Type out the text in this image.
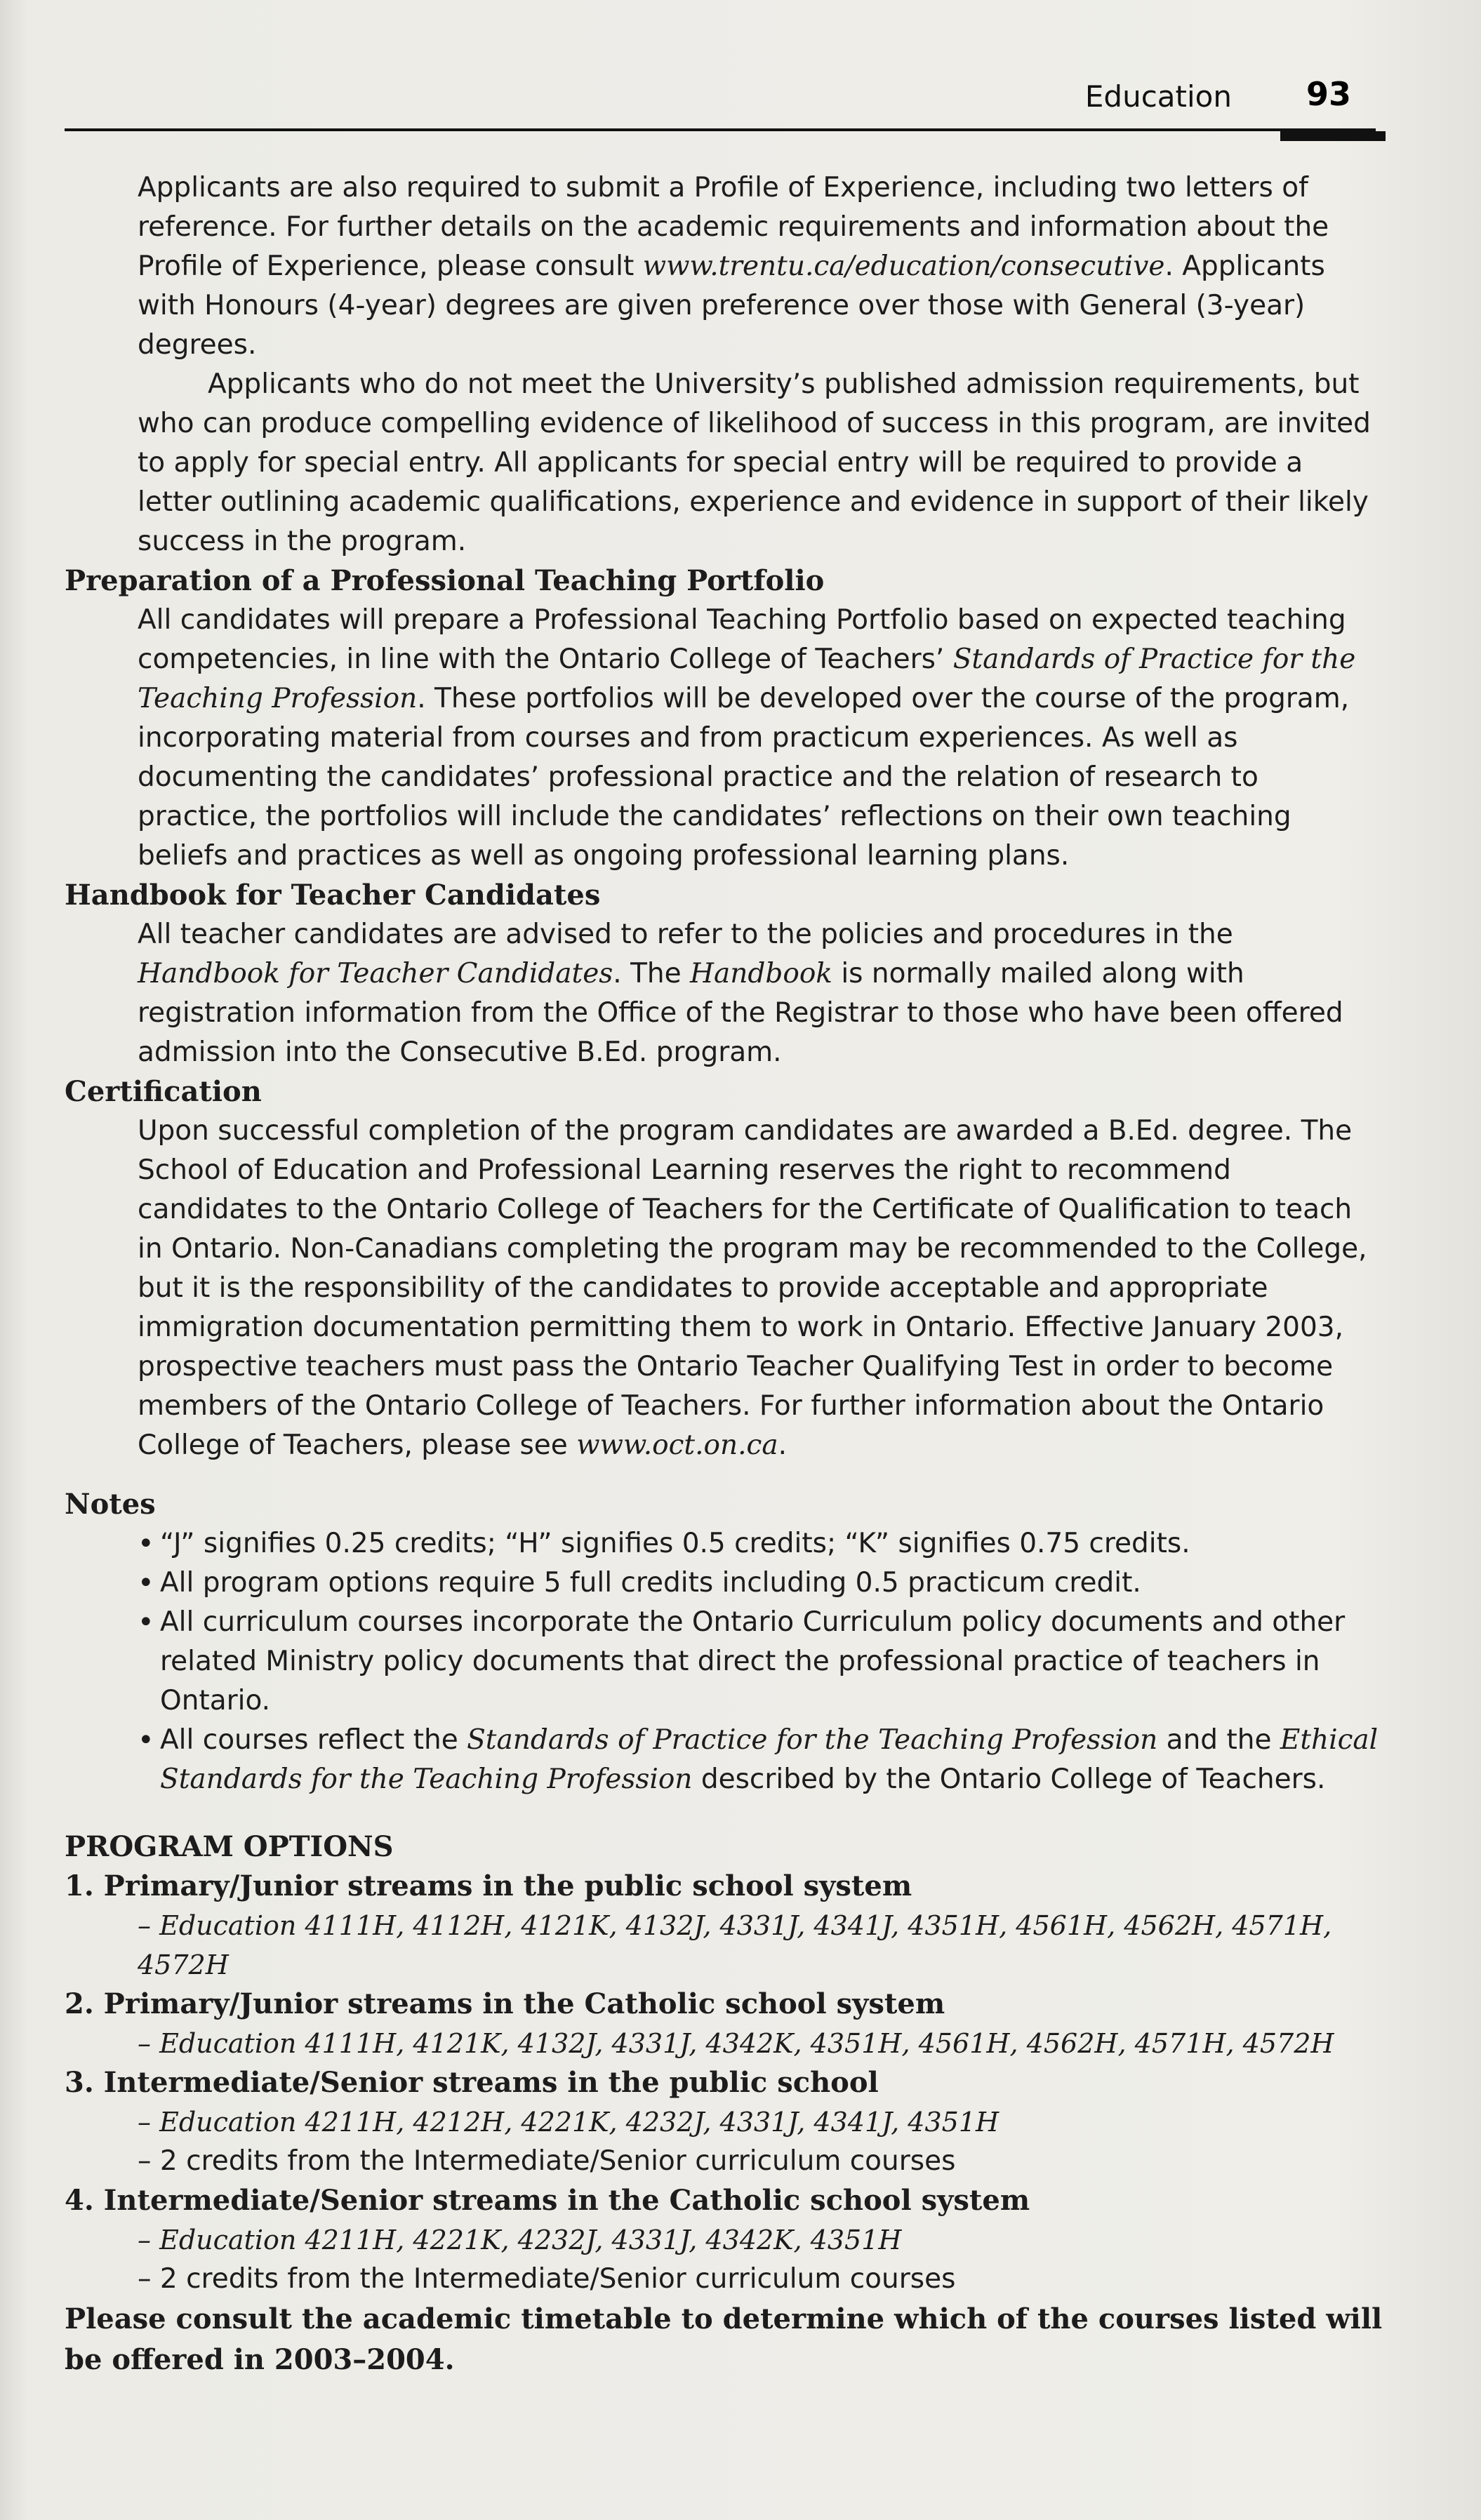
Education 93

Applicants are also required to submit a Profile of Experience, including two letters of reference. For further details on the academic requirements and information about the Profile of Experience, please consult www.trentu.ca/education/consecutive. Applicants with Honours (4-year) degrees are given preference over those with General (3-year) degrees.

Applicants who do not meet the University’s published admission requirements, but who can produce compelling evidence of likelihood of success in this program, are invited to apply for special entry. All applicants for special entry will be required to provide a letter outlining academic qualifications, experience and evidence in support of their likely success in the program.

Preparation of a Professional Teaching Portfolio

All candidates will prepare a Professional Teaching Portfolio based on expected teaching competencies, in line with the Ontario College of Teachers’ Standards of Practice for the Teaching Profession. These portfolios will be developed over the course of the program, incorporating material from courses and from practicum experiences. As well as documenting the candidates’ professional practice and the relation of research to practice, the portfolios will include the candidates’ reflections on their own teaching beliefs and practices as well as ongoing professional learning plans.

Handbook for Teacher Candidates

All teacher candidates are advised to refer to the policies and procedures in the Handbook for Teacher Candidates. The Handbook is normally mailed along with registration information from the Office of the Registrar to those who have been offered admission into the Consecutive B.Ed. program.

Certification

Upon successful completion of the program candidates are awarded a B.Ed. degree. The School of Education and Professional Learning reserves the right to recommend candidates to the Ontario College of Teachers for the Certificate of Qualification to teach in Ontario. Non-Canadians completing the program may be recommended to the College, but it is the responsibility of the candidates to provide acceptable and appropriate immigration documentation permitting them to work in Ontario. Effective January 2003, prospective teachers must pass the Ontario Teacher Qualifying Test in order to become members of the Ontario College of Teachers. For further information about the Ontario College of Teachers, please see www.oct.on.ca.

Notes
• “J” signifies 0.25 credits; “H” signifies 0.5 credits; “K” signifies 0.75 credits.
• All program options require 5 full credits including 0.5 practicum credit.
• All curriculum courses incorporate the Ontario Curriculum policy documents and other related Ministry policy documents that direct the professional practice of teachers in Ontario.
• All courses reflect the Standards of Practice for the Teaching Profession and the Ethical Standards for the Teaching Profession described by the Ontario College of Teachers.
PROGRAM OPTIONS

1. Primary/Junior streams in the public school system

– Education 4111H, 4112H, 4121K, 4132J, 4331J, 4341J, 4351H, 4561H, 4562H, 4571H, 4572H

2. Primary/Junior streams in the Catholic school system

– Education 4111H, 4121K, 4132J, 4331J, 4342K, 4351H, 4561H, 4562H, 4571H, 4572H

3. Intermediate/Senior streams in the public school

– Education 4211H, 4212H, 4221K, 4232J, 4331J, 4341J, 4351H

– 2 credits from the Intermediate/Senior curriculum courses

4. Intermediate/Senior streams in the Catholic school system

– Education 4211H, 4221K, 4232J, 4331J, 4342K, 4351H

– 2 credits from the Intermediate/Senior curriculum courses

Please consult the academic timetable to determine which of the courses listed will be offered in 2003–2004.
